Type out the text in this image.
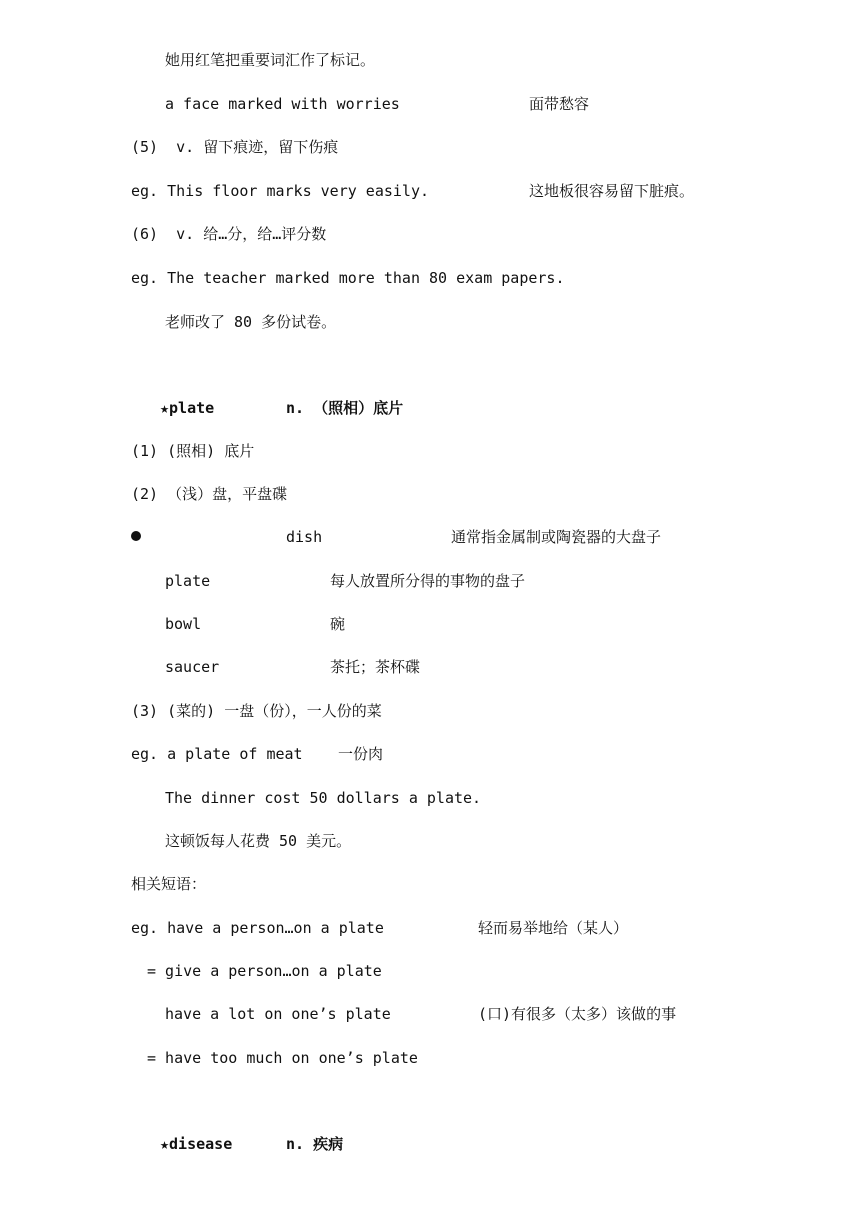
她用红笔把重要词汇作了标记。
a face marked with worries	面带愁容
(5)  v. 留下痕迹，留下伤痕
eg. This floor marks very easily.	这地板很容易留下脏痕。
(6)  v. 给…分，给…评分数
eg. The teacher marked more than 80 exam papers.
老师改了 80 多份试卷。
★plate	n. （照相）底片
(1) (照相) 底片
(2) （浅）盘，平盘碟
dish	通常指金属制或陶瓷器的大盘子
plate	每人放置所分得的事物的盘子
bowl	碗
saucer	茶托；茶杯碟
(3) (菜的) 一盘（份），一人份的菜
eg. a plate of meat 一份肉
The dinner cost 50 dollars a plate.
这顿饭每人花费 50 美元。
相关短语：
eg. have a person…on a plate	轻而易举地给（某人）
= give a person…on a plate
have a lot on one’s plate	(口)有很多（太多）该做的事
= have too much on one’s plate
★disease	n. 疾病
